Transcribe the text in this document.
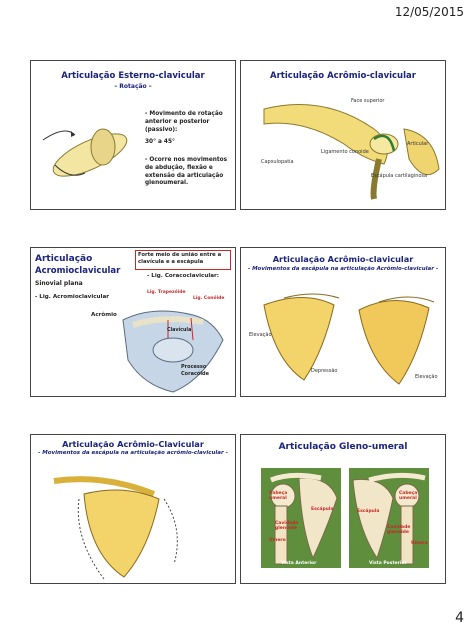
12/05/2015
Articulação Esterno-clavicular
– Rotação –
- Movimento de rotação anterior e posterior (passivo):
30° a 45°
- Ocorre nos movimentos de abdução, flexão e extensão da articulação glenoumeral.
Articulação Acrômio-clavicular
Face superior
Articular
Ligamento conoide
Capsulopatia
Escápula cartilaginosa
Articulação
Acromioclavicular
Sinovial plana
Forte meio de união entre a clavícula e a escápula
- Lig. Coracoclavicular:
Lig. Trapezóide
Lig. Conóide
- Lig. Acromioclavicular
Acrômio
Clavícula
Processo Coracóide
Articulação Acrômio-clavicular
- Movimentos da escápula na articulação Acrômio-clavicular -
Elevação
Depressão
Elevação
Articulação Acrômio-Clavicular
- Movimentos da escápula na articulação acrômio-clavicular -
Articulação Gleno-umeral
Cabeça umeral
Escápula
Cavidade glenoide
Úmero
Vista Anterior
Escápula
Cabeça umeral
Cavidade glenoide
Úmero
Vista Posterior
4
